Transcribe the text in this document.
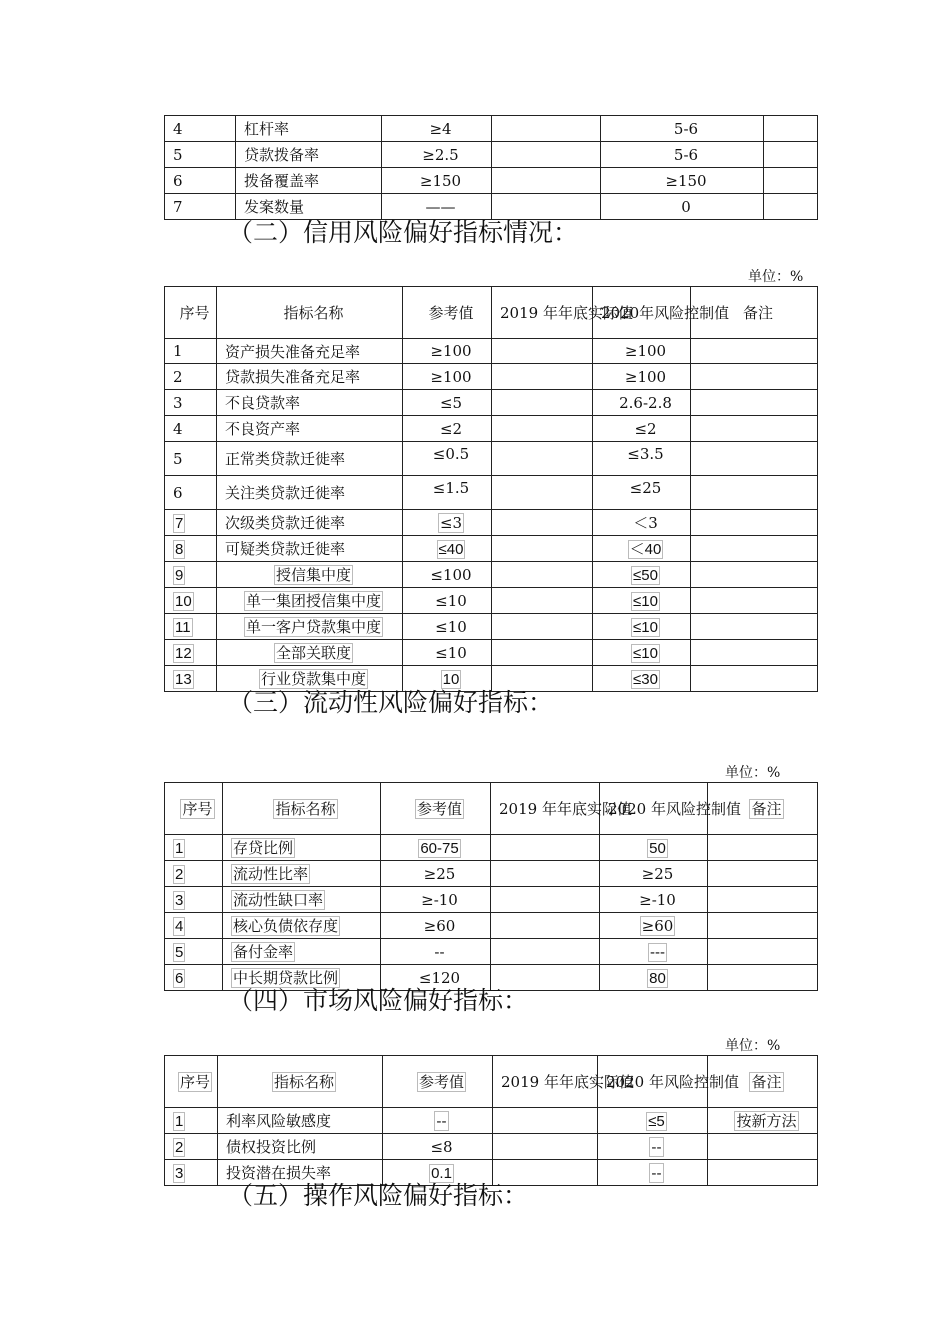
4	杠杆率	≥4		5-6	
5	贷款拨备率	≥2.5		5-6	
6	拨备覆盖率	≥150		≥150	
7	发案数量	——		0	
（二）信用风险偏好指标情况：
单位：%
序号	指标名称	参考值	2019 年年底实际值	2020年风险控制值	备注
1	资产损失准备充足率	≥100		≥100	
2	贷款损失准备充足率	≥100		≥100	
3	不良贷款率	≤5		2.6-2.8	
4	不良资产率	≤2		≤2	
5	正常类贷款迁徙率	≤0.5		≤3.5	
6	关注类贷款迁徙率	≤1.5		≤25	
7	次级类贷款迁徙率	≤3		＜3	
8	可疑类贷款迁徙率	≤40		＜40	
9	授信集中度	≤100		≤50	
10	单一集团授信集中度	≤10		≤10	
11	单一客户贷款集中度	≤10		≤10	
12	全部关联度	≤10		≤10	
13	行业贷款集中度	10		≤30	
（三）流动性风险偏好指标：
单位：%
序号	指标名称	参考值	2019 年年底实际值	2020 年风险控制值	备注
1	存贷比例	60-75		50	
2	流动性比率	≥25		≥25	
3	流动性缺口率	≥-10		≥-10	
4	核心负债依存度	≥60		≥60	
5	备付金率	--		---	
6	中长期贷款比例	≤120		80	
（四）市场风险偏好指标：
单位：%
序号	指标名称	参考值	2019 年年底实际值	2020 年风险控制值	备注
1	利率风险敏感度	--		≤5	按新方法
2	债权投资比例	≤8		--	
3	投资潜在损失率	0.1		--	
（五）操作风险偏好指标：
